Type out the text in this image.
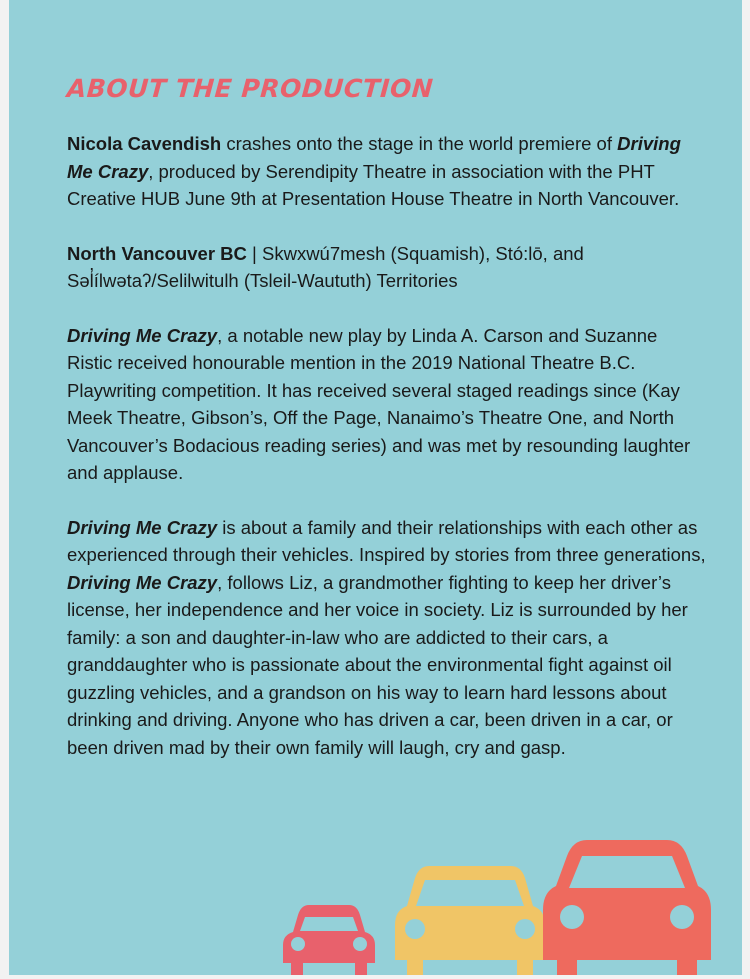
ABOUT THE PRODUCTION

Nicola Cavendish crashes onto the stage in the world premiere of Driving Me Crazy, produced by Serendipity Theatre in association with the PHT Creative HUB June 9th at Presentation House Theatre in North Vancouver.

North Vancouver BC | Skwxwú7mesh (Squamish), Stó:lō, and Səl̓ílwətaʔ/Selilwitulh (Tsleil-Waututh) Territories

Driving Me Crazy, a notable new play by Linda A. Carson and Suzanne Ristic received honourable mention in the 2019 National Theatre B.C. Playwriting competition. It has received several staged readings since (Kay Meek Theatre, Gibson’s, Off the Page, Nanaimo’s Theatre One, and North Vancouver’s Bodacious reading series) and was met by resounding laughter and applause.

Driving Me Crazy is about a family and their relationships with each other as experienced through their vehicles. Inspired by stories from three generations, Driving Me Crazy, follows Liz, a grandmother fighting to keep her driver’s license, her independence and her voice in society. Liz is surrounded by her family: a son and daughter-in-law who are addicted to their cars, a granddaughter who is passionate about the environmental fight against oil guzzling vehicles, and a grandson on his way to learn hard lessons about drinking and driving. Anyone who has driven a car, been driven in a car, or been driven mad by their own family will laugh, cry and gasp.
